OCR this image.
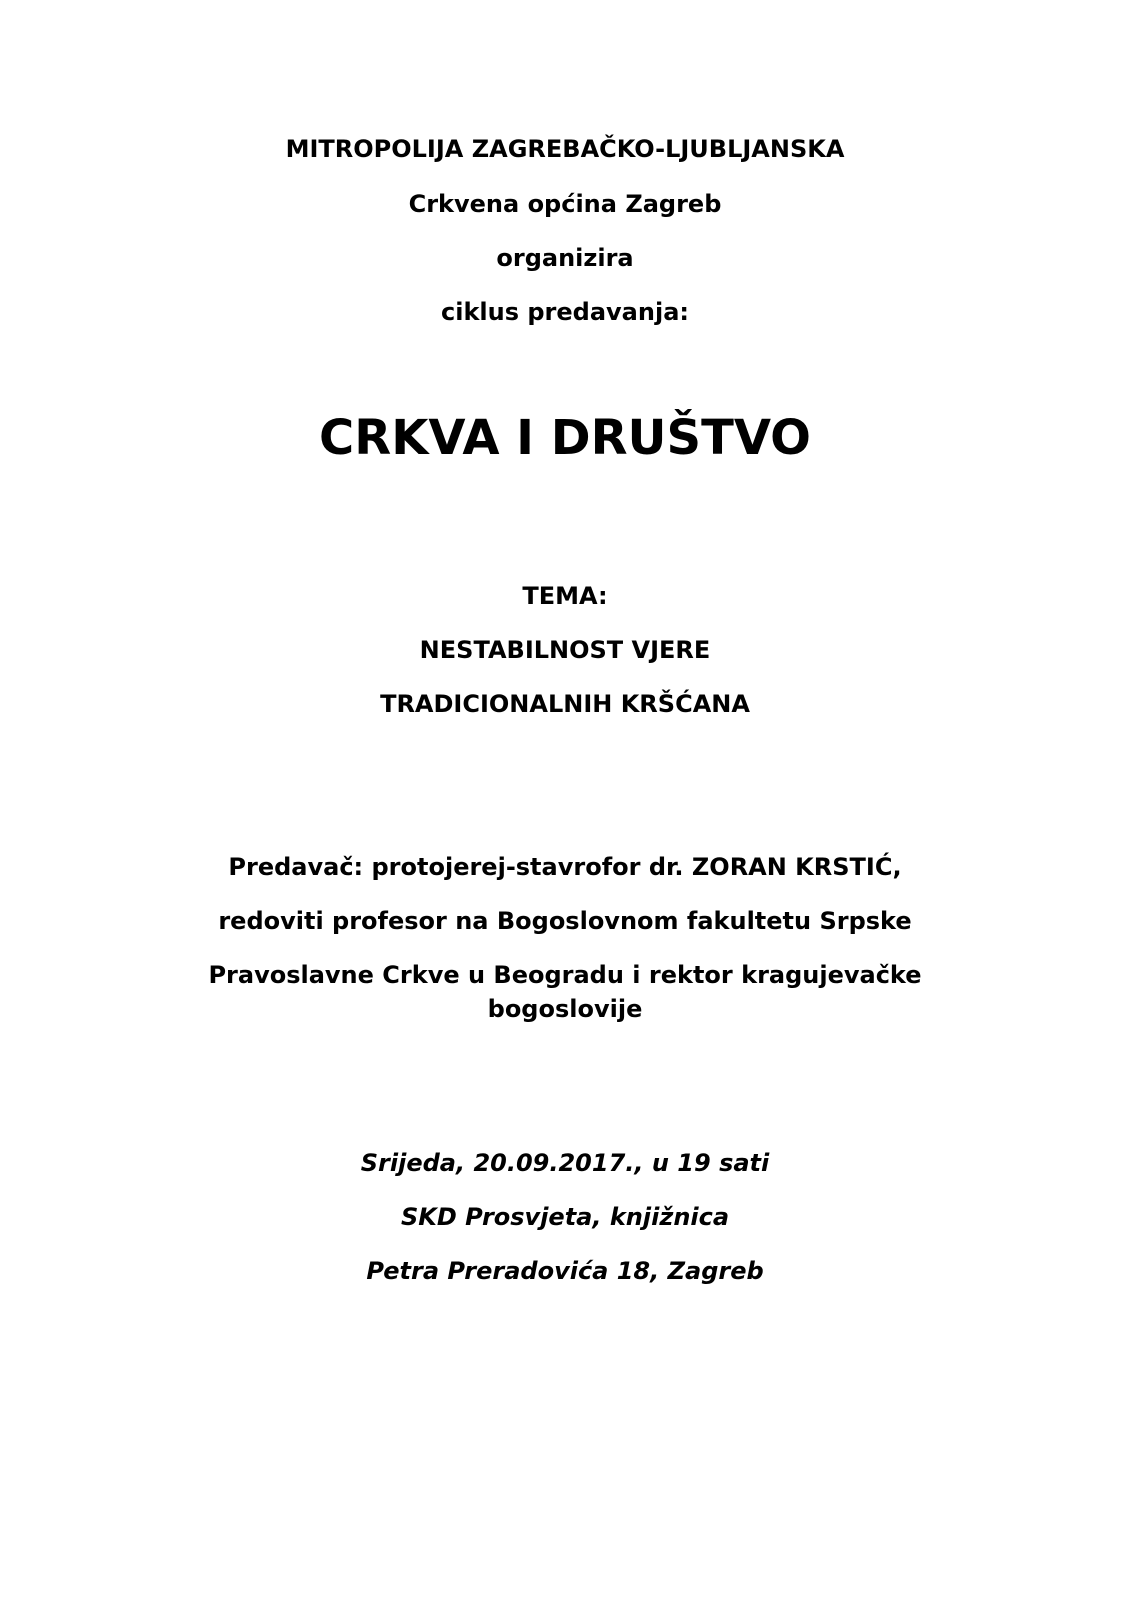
MITROPOLIJA ZAGREBAČKO-LJUBLJANSKA
Crkvena općina Zagreb
organizira
ciklus predavanja:
CRKVA I DRUŠTVO
TEMA:
NESTABILNOST VJERE
TRADICIONALNIH KRŠĆANA
Predavač: protojerej-stavrofor dr. ZORAN KRSTIĆ,
redoviti profesor na Bogoslovnom fakultetu Srpske
Pravoslavne Crkve u Beogradu i rektor kragujevačke
bogoslovije
Srijeda, 20.09.2017., u 19 sati
SKD Prosvjeta, knjižnica
Petra Preradovića 18, Zagreb
